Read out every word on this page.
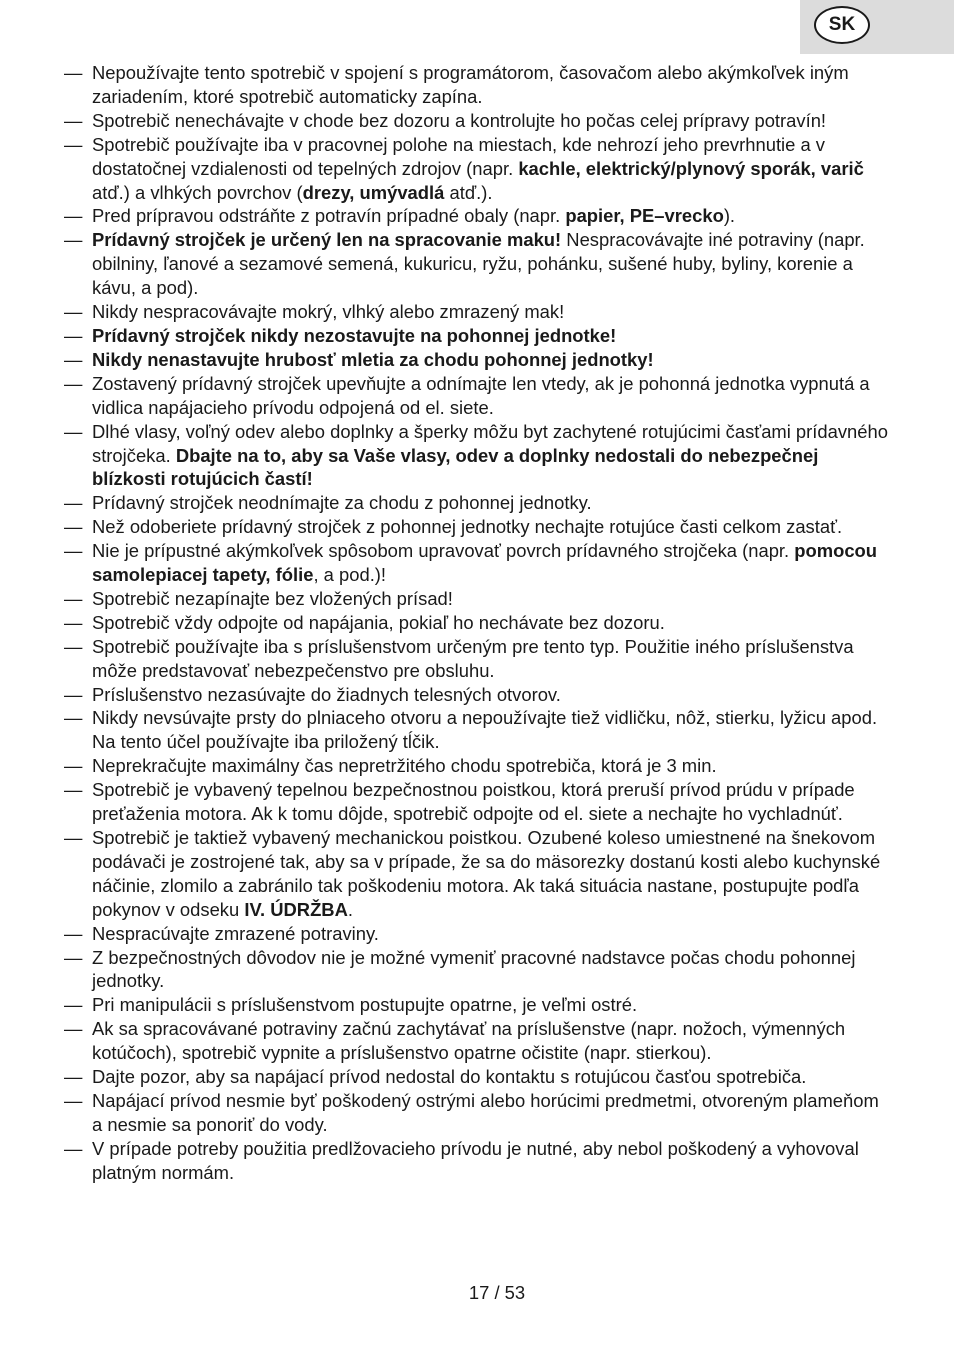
SK
— Nepoužívajte tento spotrebič v spojení s programátorom, časovačom alebo akýmkoľvek iným zariadením, ktoré spotrebič automaticky zapína.
— Spotrebič nenechávajte v chode bez dozoru a kontrolujte ho počas celej prípravy potravín!
— Spotrebič používajte iba v pracovnej polohe na miestach, kde nehrozí jeho prevrhnutie a v dostatočnej vzdialenosti od tepelných zdrojov (napr. kachle, elektrický/plynový sporák, varič atď.) a vlhkých povrchov (drezy, umývadlá atď.).
— Pred prípravou odstráňte z potravín prípadné obaly (napr. papier, PE–vrecko).
— Prídavný strojček je určený len na spracovanie maku! Nespracovávajte iné potraviny (napr. obilniny, ľanové a sezamové semená, kukuricu, ryžu, pohánku, sušené huby, byliny, korenie a kávu, a pod).
— Nikdy nespracovávajte mokrý, vlhký alebo zmrazený mak!
— Prídavný strojček nikdy nezostavujte na pohonnej jednotke!
— Nikdy nenastavujte hrubosť mletia za chodu pohonnej jednotky!
— Zostavený prídavný strojček upevňujte a odnímajte len vtedy, ak je pohonná jednotka vypnutá a vidlica napájacieho prívodu odpojená od el. siete.
— Dlhé vlasy, voľný odev alebo doplnky a šperky môžu byt zachytené rotujúcimi časťami prídavného strojčeka. Dbajte na to, aby sa Vaše vlasy, odev a doplnky nedostali do nebezpečnej blízkosti rotujúcich častí!
— Prídavný strojček neodnímajte za chodu z pohonnej jednotky.
— Než odoberiete prídavný strojček z pohonnej jednotky nechajte rotujúce časti celkom zastať.
— Nie je prípustné akýmkoľvek spôsobom upravovať povrch prídavného strojčeka (napr. pomocou samolepiacej tapety, fólie, a pod.)!
— Spotrebič nezapínajte bez vložených prísad!
— Spotrebič vždy odpojte od napájania, pokiaľ ho nechávate bez dozoru.
— Spotrebič používajte iba s príslušenstvom určeným pre tento typ. Použitie iného príslušenstva môže predstavovať nebezpečenstvo pre obsluhu.
— Príslušenstvo nezasúvajte do žiadnych telesných otvorov.
— Nikdy nevsúvajte prsty do plniaceho otvoru a nepoužívajte tiež vidličku, nôž, stierku, lyžicu apod. Na tento účel používajte iba priložený tĺčik.
— Neprekračujte maximálny čas nepretržitého chodu spotrebiča, ktorá je 3 min.
— Spotrebič je vybavený tepelnou bezpečnostnou poistkou, ktorá preruší prívod prúdu v prípade preťaženia motora. Ak k tomu dôjde, spotrebič odpojte od el. siete a nechajte ho vychladnúť.
— Spotrebič je taktiež vybavený mechanickou poistkou. Ozubené koleso umiestnené na šnekovom podávači je zostrojené tak, aby sa v prípade, že sa do mäsorezky dostanú kosti alebo kuchynské náčinie, zlomilo a zabránilo tak poškodeniu motora. Ak taká situácia nastane, postupujte podľa pokynov v odseku IV. ÚDRŽBA.
— Nespracúvajte zmrazené potraviny.
— Z bezpečnostných dôvodov nie je možné vymeniť pracovné nadstavce počas chodu pohonnej jednotky.
— Pri manipulácii s príslušenstvom postupujte opatrne, je veľmi ostré.
— Ak sa spracovávané potraviny začnú zachytávať na príslušenstve (napr. nožoch, výmenných kotúčoch), spotrebič vypnite a príslušenstvo opatrne očistite (napr. stierkou).
— Dajte pozor, aby sa napájací prívod nedostal do kontaktu s rotujúcou časťou spotrebiča.
— Napájací prívod nesmie byť poškodený ostrými alebo horúcimi predmetmi, otvoreným plameňom a nesmie sa ponoriť do vody.
— V prípade potreby použitia predlžovacieho prívodu je nutné, aby nebol poškodený a vyhovoval platným normám.
17 / 53
